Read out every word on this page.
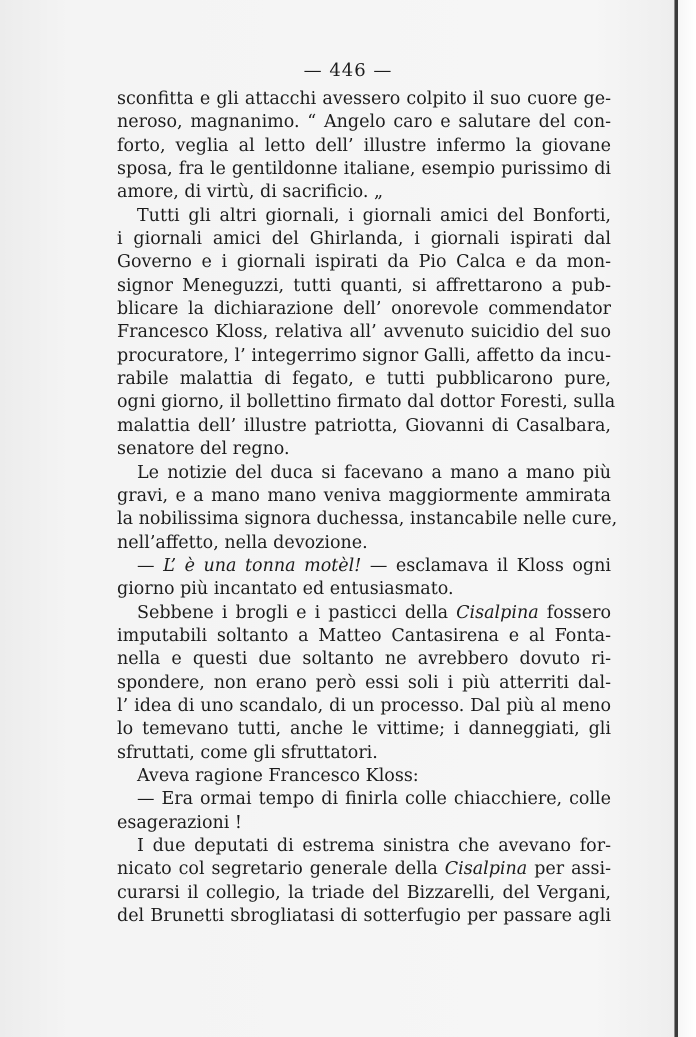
— 446 —
sconfitta e gli attacchi avessero colpito il suo cuore ge-
neroso, magnanimo. “ Angelo caro e salutare del con-
forto, veglia al letto dell’ illustre infermo la giovane
sposa, fra le gentildonne italiane, esempio purissimo di
amore, di virtù, di sacrificio. „
Tutti gli altri giornali, i giornali amici del Bonforti,
i giornali amici del Ghirlanda, i giornali ispirati dal
Governo e i giornali ispirati da Pio Calca e da mon-
signor Meneguzzi, tutti quanti, si affrettarono a pub-
blicare la dichiarazione dell’ onorevole commendator
Francesco Kloss, relativa all’ avvenuto suicidio del suo
procuratore, l’ integerrimo signor Galli, affetto da incu-
rabile malattia di fegato, e tutti pubblicarono pure,
ogni giorno, il bollettino firmato dal dottor Foresti, sulla
malattia dell’ illustre patriotta, Giovanni di Casalbara,
senatore del regno.
Le notizie del duca si facevano a mano a mano più
gravi, e a mano mano veniva maggiormente ammirata
la nobilissima signora duchessa, instancabile nelle cure,
nell’affetto, nella devozione.
— L’ è una tonna motèl! — esclamava il Kloss ogni
giorno più incantato ed entusiasmato.
Sebbene i brogli e i pasticci della Cisalpina fossero
imputabili soltanto a Matteo Cantasirena e al Fonta-
nella e questi due soltanto ne avrebbero dovuto ri-
spondere, non erano però essi soli i più atterriti dal-
l’ idea di uno scandalo, di un processo. Dal più al meno
lo temevano tutti, anche le vittime; i danneggiati, gli
sfruttati, come gli sfruttatori.
Aveva ragione Francesco Kloss:
— Era ormai tempo di finirla colle chiacchiere, colle
esagerazioni !
I due deputati di estrema sinistra che avevano for-
nicato col segretario generale della Cisalpina per assi-
curarsi il collegio, la triade del Bizzarelli, del Vergani,
del Brunetti sbrogliatasi di sotterfugio per passare agli
